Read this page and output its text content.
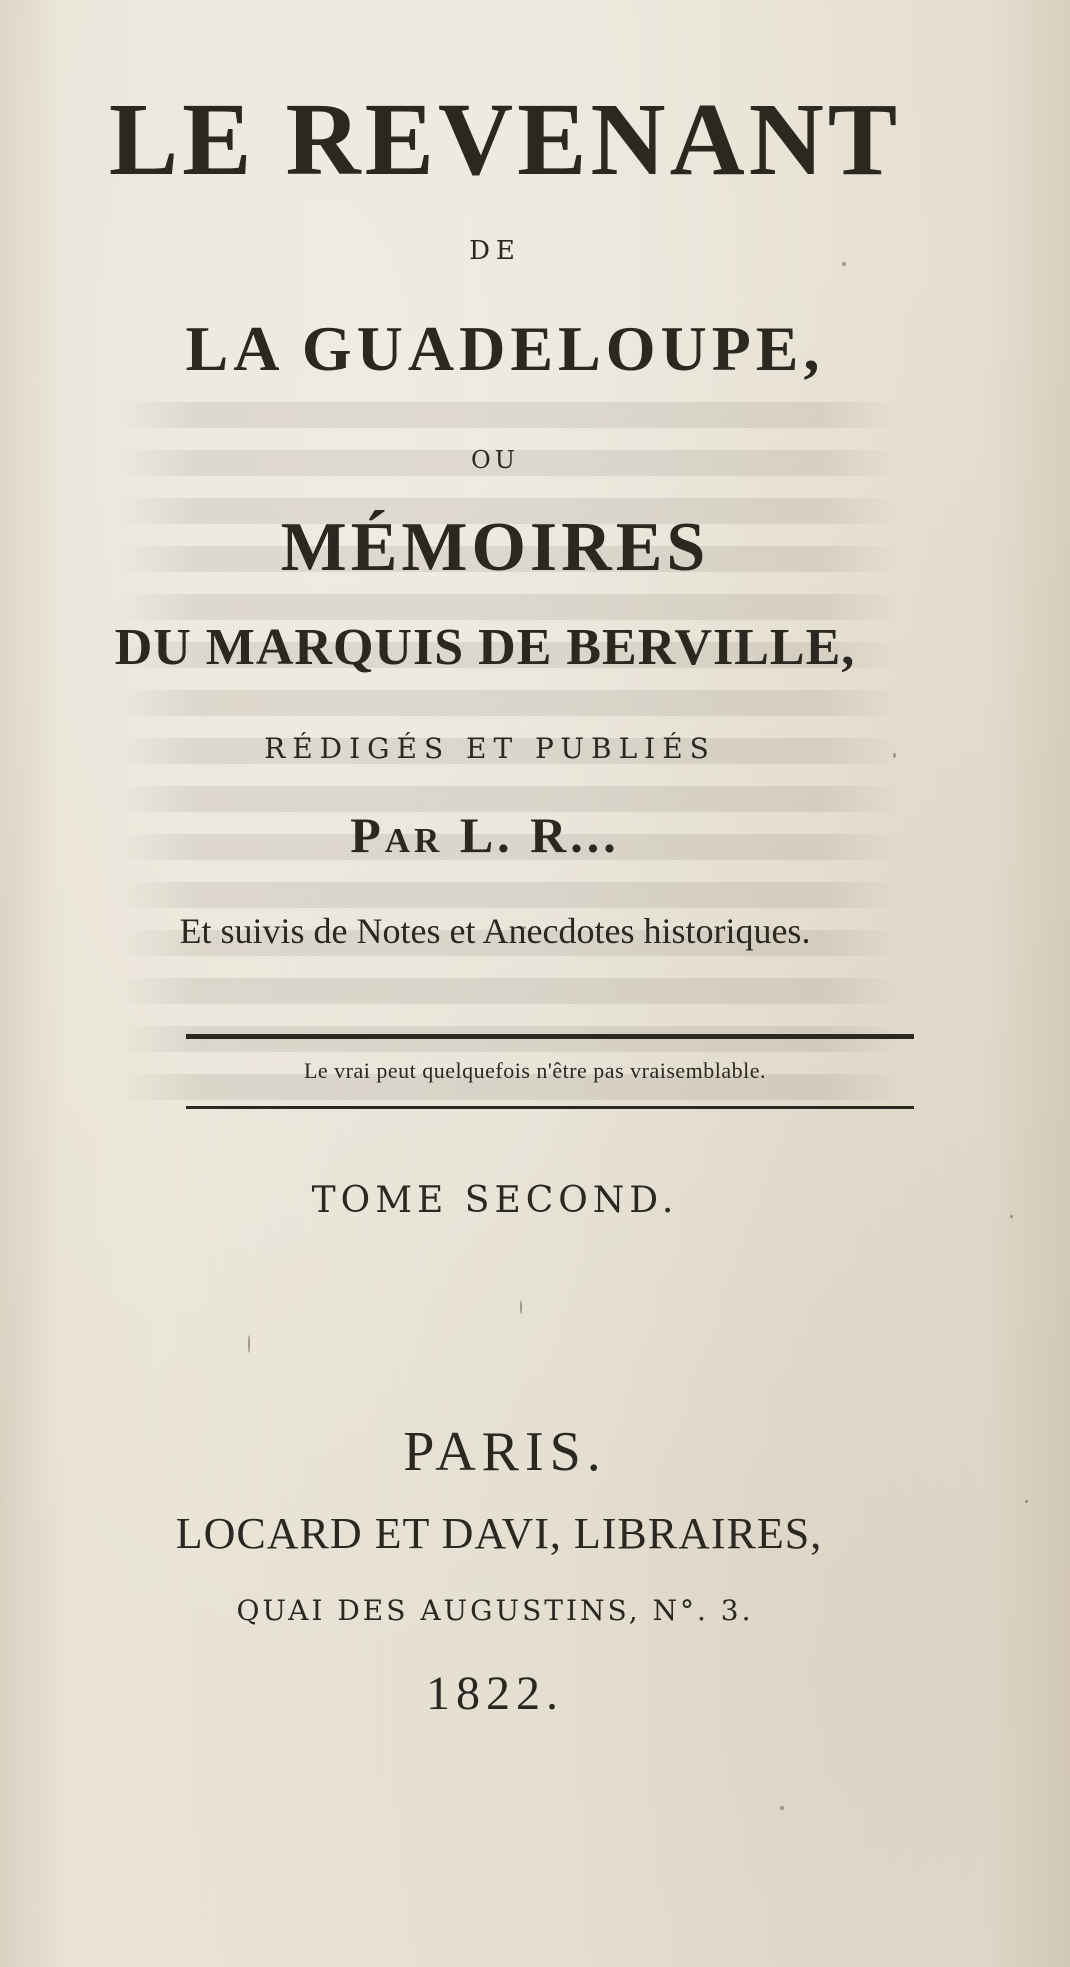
LE REVENANT
DE
LA GUADELOUPE,
OU
MÉMOIRES
DU MARQUIS DE BERVILLE,
RÉDIGÉS ET PUBLIÉS
Par L. R...
Et suivis de Notes et Anecdotes historiques.
Le vrai peut quelquefois n'être pas vraisemblable.
TOME SECOND.
PARIS.
LOCARD ET DAVI, LIBRAIRES,
QUAI DES AUGUSTINS, N°. 3.
1822.
